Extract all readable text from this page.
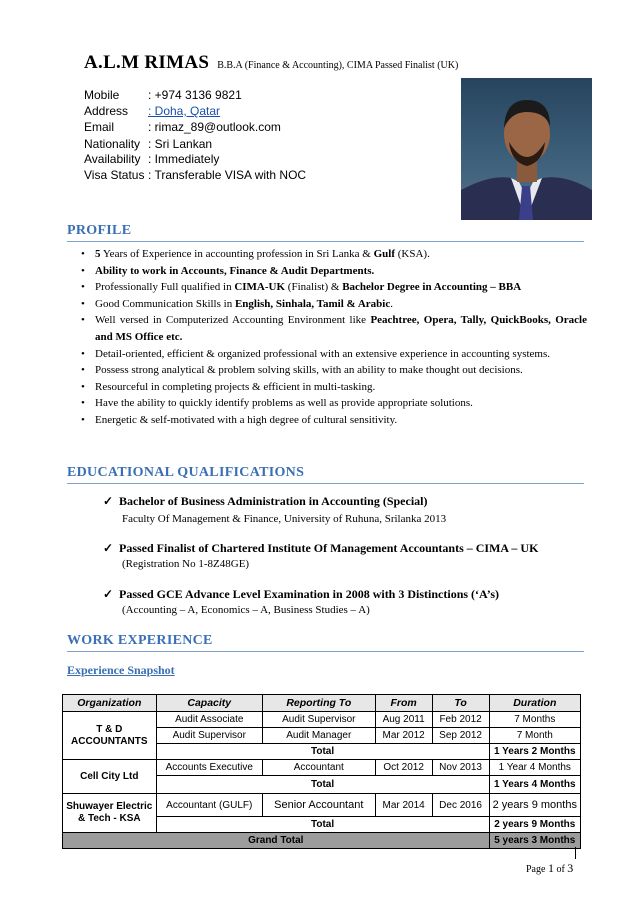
A.L.M RIMAS B.B.A (Finance & Accounting), CIMA Passed Finalist (UK)
Mobile : +974 3136 9821
Address : Doha, Qatar
Email	: rimaz_89@outlook.com
Nationality : Sri Lankan
Availability : Immediately
Visa Status : Transferable VISA with NOC
PROFILE
• 5 Years of Experience in accounting profession in Sri Lanka & Gulf (KSA).
• Ability to work in Accounts, Finance & Audit Departments.
• Professionally Full qualified in CIMA-UK (Finalist) & Bachelor Degree in Accounting – BBA
• Good Communication Skills in English, Sinhala, Tamil & Arabic.
• Well versed in Computerized Accounting Environment like Peachtree, Opera, Tally, QuickBooks, Oracle and MS Office etc.
• Detail-oriented, efficient & organized professional with an extensive experience in accounting systems.
• Possess strong analytical & problem solving skills, with an ability to make thought out decisions.
• Resourceful in completing projects & efficient in multi-tasking.
• Have the ability to quickly identify problems as well as provide appropriate solutions.
• Energetic & self-motivated with a high degree of cultural sensitivity.
EDUCATIONAL QUALIFICATIONS
✓ Bachelor of Business Administration in Accounting (Special)
Faculty Of Management & Finance, University of Ruhuna, Srilanka 2013
✓ Passed Finalist of Chartered Institute Of Management Accountants – CIMA – UK
(Registration No 1-8Z48GE)
✓ Passed GCE Advance Level Examination in 2008 with 3 Distinctions (‘A’s)
(Accounting – A, Economics – A, Business Studies – A)
WORK EXPERIENCE
Experience Snapshot
Organization	Capacity	Reporting To	From	To	Duration
T & D ACCOUNTANTS	Audit Associate	Audit Supervisor	Aug 2011	Feb 2012	7 Months
	Audit Supervisor	Audit Manager	Mar 2012	Sep 2012	7 Month
	Total				1 Years 2 Months
Cell City Ltd	Accounts Executive	Accountant	Oct 2012	Nov 2013	1 Year 4 Months
	Total				1 Years 4 Months
Shuwayer Electric & Tech - KSA	Accountant (GULF)	Senior Accountant	Mar 2014	Dec 2016	2 years 9 months
	Total				2 years 9 Months
Grand Total					5 years 3 Months
Page 1 of 3
